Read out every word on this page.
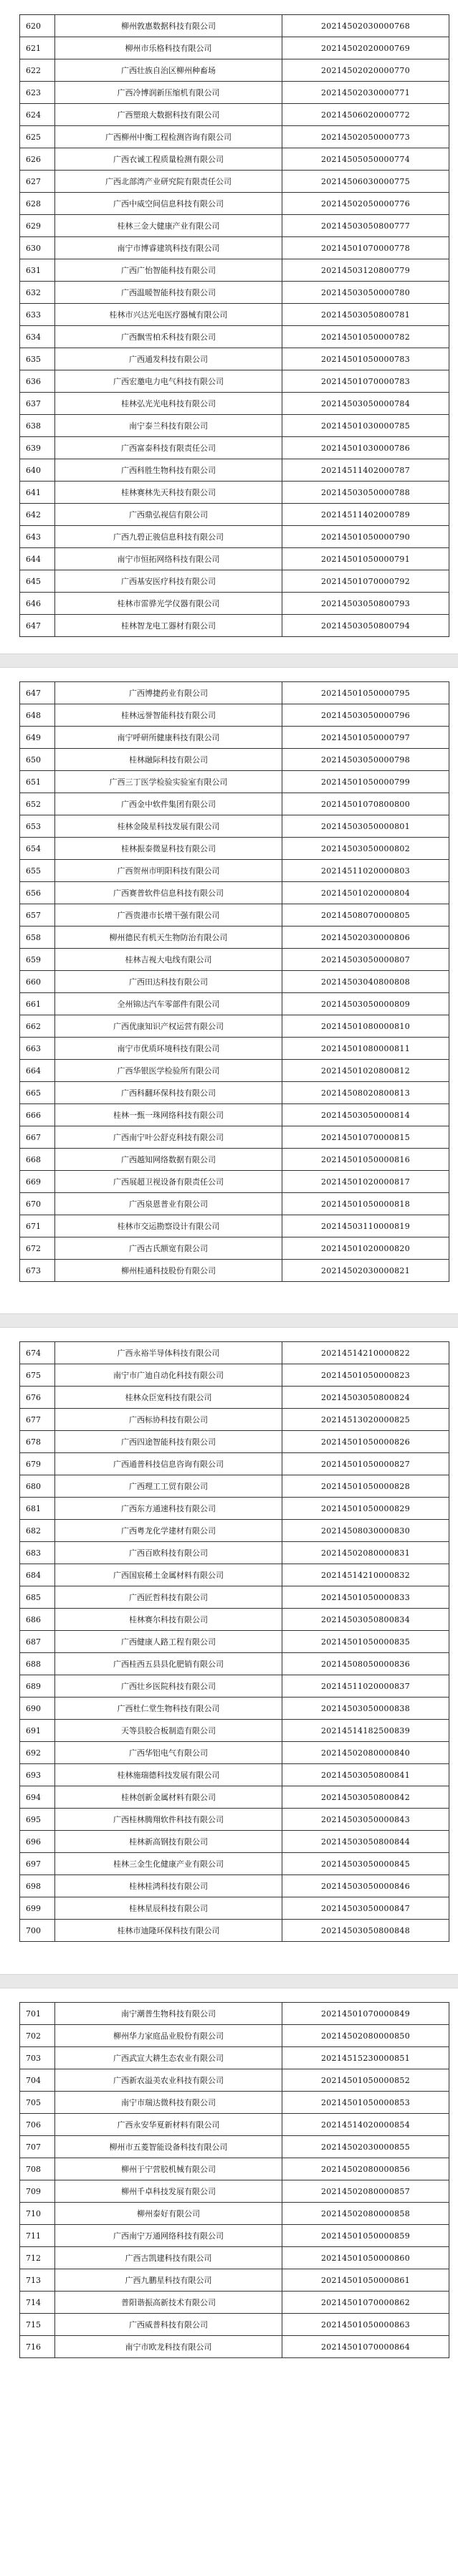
620	柳州敦惠数据科技有限公司	20214502030000768
621	柳州市乐格科技有限公司	20214502020000769
622	广西壮族自治区柳州种畜场	20214502020000770
623	广西冷博润新压缩机有限公司	20214502030000771
624	广西塑琅大数据科技有限公司	20214506020000772
625	广西柳州中衡工程检测咨询有限公司	20214502050000773
626	广西衣诚工程质量检测有限公司	20214505050000774
627	广西北部湾产业研究院有限责任公司	20214506030000775
628	广西中威空间信息科技有限公司	20214502050000776
629	桂林三金大健康产业有限公司	20214503050800777
630	南宁市博睿建筑科技有限公司	20214501070000778
631	广西广怡智能科技有限公司	20214503120800779
632	广西温暖智能科技有限公司	20214503050000780
633	桂林市兴达光电医疗器械有限公司	20214503050800781
634	广西飘雪柏禾科技有限公司	20214501050000782
635	广西通发科技有限公司	20214501050000783
636	广西宏邀电力电气科技有限公司	20214501070000783
637	桂林弘光光电科技有限公司	20214503050000784
638	南宁泰兰科技有限公司	20214501030000785
639	广西富泰科技有限责任公司	20214501030000786
640	广西科胜生物科技有限公司	20214511402000787
641	桂林赛林先天科技有限公司	20214503050000788
642	广西鼎弘视信有限公司	20214511402000789
643	广西九碧正骏信息科技有限公司	20214501050000790
644	南宁市恒拓网络科技有限公司	20214501050000791
645	广西基安医疗科技有限公司	20214501070000792
646	桂林市雷骅光学仪器有限公司	20214503050800793
647	桂林智龙电工器材有限公司	20214503050800794
647	广西博捷药业有限公司	20214501050000795
648	桂林远誉智能科技有限公司	20214503050000796
649	南宁呼研所健康科技有限公司	20214501050000797
650	桂林融际科技有限公司	20214503050000798
651	广西三丁医学检验实验室有限公司	20214501050000799
652	广西金中软件集团有限公司	20214501070800800
653	桂林金陵星科技发展有限公司	20214503050000801
654	桂林振泰微显科技有限公司	20214503050000802
655	广西贺州市明阳科技有限公司	20214511020000803
656	广西赛普软件信息科技有限公司	20214501020000804
657	广西贵港市长增干强有限公司	20214508070000805
658	柳州德民有机天生物防治有限公司	20214502030000806
659	桂林吉视大电线有限公司	20214503050000807
660	广西田达科技有限公司	20214503040800808
661	全州锦达汽车零部件有限公司	20214503050000809
662	广西优康知识产权运营有限公司	20214501080000810
663	南宁市优质环境科技有限公司	20214501080000811
664	广西华银医学检验所有限公司	20214501020800812
665	广西科翻环保科技有限公司	20214508020800813
666	桂林一甄一珠网络科技有限公司	20214503050000814
667	广西南宁叶公舒克科技有限公司	20214501070000815
668	广西越知网络数据有限公司	20214501050000816
669	广西展超卫视设备有限责任公司	20214501020000817
670	广西泉恩普业有限公司	20214501050000818
671	桂林市交运勘察设计有限公司	20214503110000819
672	广西古氏额宽有限公司	20214501020000820
673	柳州桂通科技股份有限公司	20214502030000821
674	广西永裕半导体科技有限公司	20214514210000822
675	南宁市广迪自动化科技有限公司	20214501050000823
676	桂林众臣宽科技有限公司	20214503050800824
677	广西标协科技有限公司	20214513020000825
678	广西四途智能科技有限公司	20214501050000826
679	广西通普科技信息咨询有限公司	20214501050000827
680	广西理工工贸有限公司	20214501050000828
681	广西东方通速科技有限公司	20214501050000829
682	广西粤龙化学建材有限公司	20214508030000830
683	广西百欧科技有限公司	20214502080000831
684	广西国宸稀土金属材料有限公司	20214514210000832
685	广西匠哲科技有限公司	20214501050000833
686	桂林赛尔科技有限公司	20214503050800834
687	广西健康人路工程有限公司	20214501050000835
688	广西桂西五县县化肥销有限公司	20214508050000836
689	广西壮乡医院科技有限公司	20214511020000837
690	广西杜仁堂生物科技有限公司	20214503050000838
691	天等县胶合板制造有限公司	20214514182500839
692	广西华铝电气有限公司	20214502080000840
693	桂林施瑞德科技发展有限公司	20214503050800841
694	桂林创新金属材料有限公司	20214503050800842
695	广西桂林腾翔软件科技有限公司	20214503050000843
696	桂林新高钢技有限公司	20214503050800844
697	桂林三金生化健康产业有限公司	20214503050000845
698	桂林桂鸿科技有限公司	20214503050000846
699	桂林星辰科技有限公司	20214503050000847
700	桂林市迪隆环保科技有限公司	20214503050800848
701	南宁潮普生物科技有限公司	20214501070000849
702	柳州华力家庭品业股份有限公司	20214502080000850
703	广西武宣大耕生态农业有限公司	20214515230000851
704	广西新农溢美农业科技有限公司	20214501050000852
705	南宁市瑞达微科技有限公司	20214501050000853
706	广西永安华夏新材料有限公司	20214514020000854
707	柳州市五菱智能设备科技有限公司	20214502030000855
708	柳州于宁营胶机械有限公司	20214502080000856
709	柳州千卓科技发展有限公司	20214502080000857
710	柳州泰好有限公司	20214502080000858
711	广西南宁万通网络科技有限公司	20214501050000859
712	广西古凯建科技有限公司	20214501050000860
713	广西九鹏星科技有限公司	20214501050000861
714	普阳谐振高新技术有限公司	20214501070000862
715	广西威普科技有限公司	20214501050000863
716	南宁市欧龙科技有限公司	20214501070000864
